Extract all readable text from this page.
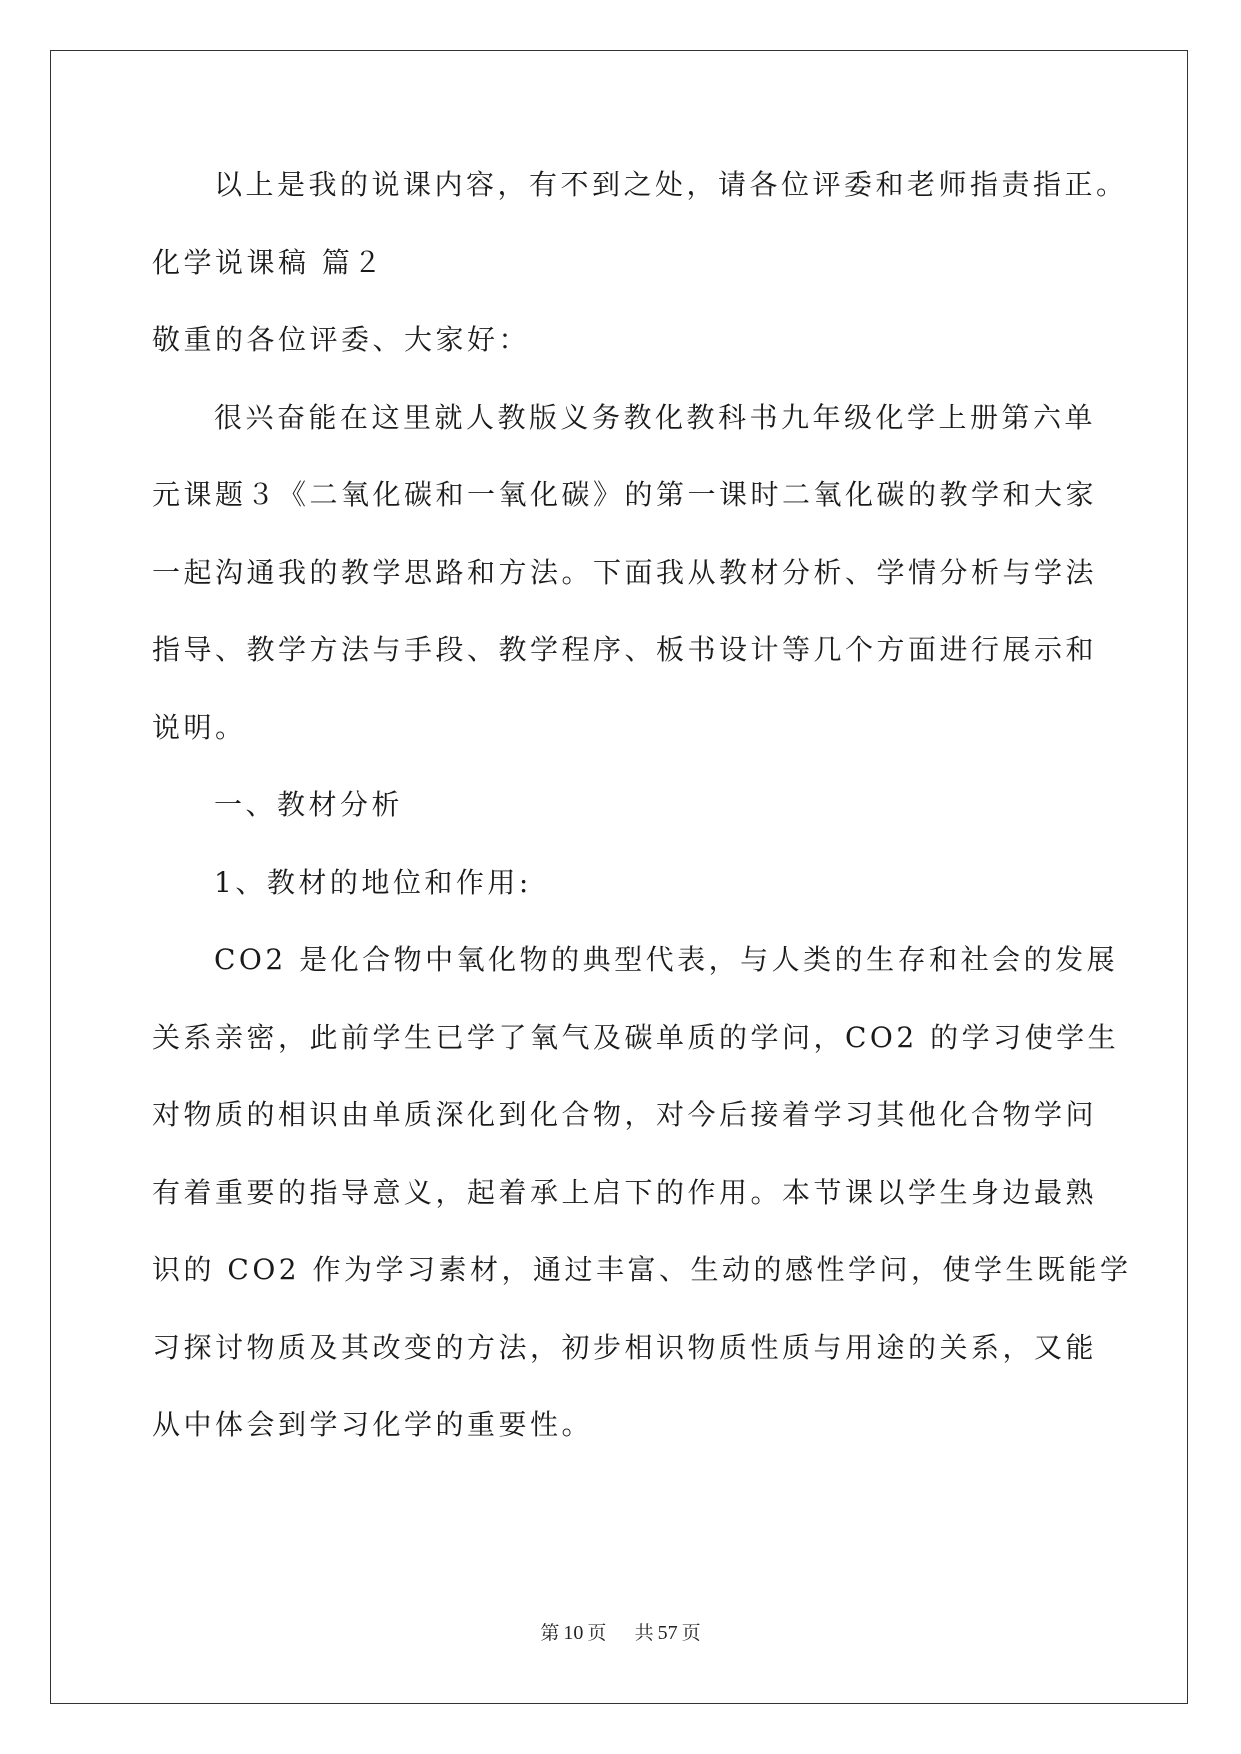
以上是我的说课内容，有不到之处，请各位评委和老师指责指正。
化学说课稿 篇２
敬重的各位评委、大家好：
很兴奋能在这里就人教版义务教化教科书九年级化学上册第六单
元课题３《二氧化碳和一氧化碳》的第一课时二氧化碳的教学和大家
一起沟通我的教学思路和方法。下面我从教材分析、学情分析与学法
指导、教学方法与手段、教学程序、板书设计等几个方面进行展示和
说明。
一、教材分析
1、教材的地位和作用:
CO2 是化合物中氧化物的典型代表，与人类的生存和社会的发展
关系亲密，此前学生已学了氧气及碳单质的学问，CO2 的学习使学生
对物质的相识由单质深化到化合物，对今后接着学习其他化合物学问
有着重要的指导意义，起着承上启下的作用。本节课以学生身边最熟
识的 CO2 作为学习素材，通过丰富、生动的感性学问，使学生既能学
习探讨物质及其改变的方法，初步相识物质性质与用途的关系，又能
从中体会到学习化学的重要性。
第 10 页 共 57 页
